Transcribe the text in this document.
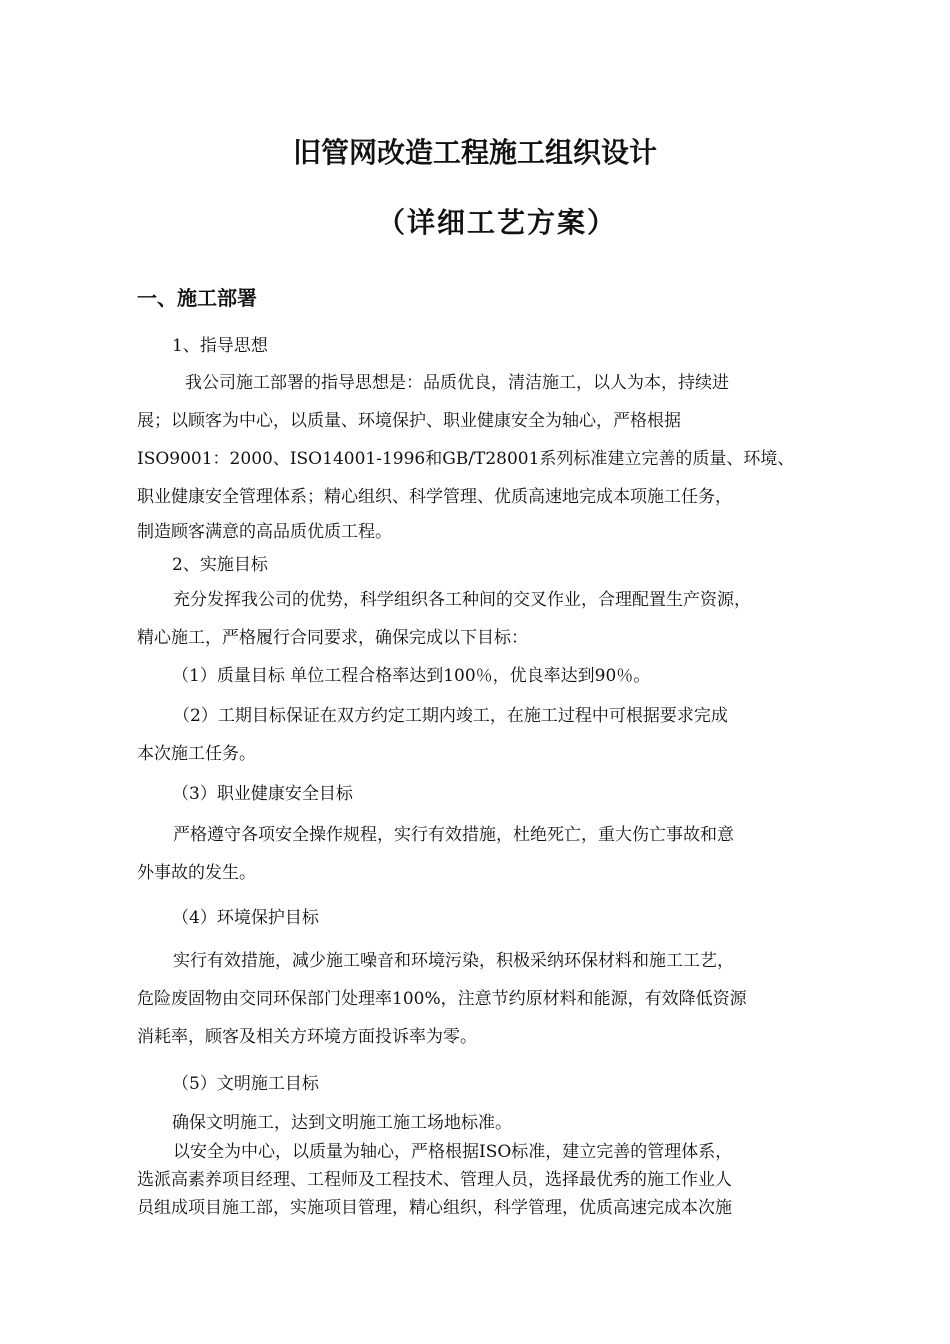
旧管网改造工程施工组织设计
（详细工艺方案）
一、施工部署

1、指导思想

我公司施工部署的指导思想是：品质优良，清洁施工，以人为本，持续进
展；以顾客为中心，以质量、环境保护、职业健康安全为轴心，严格根据
ISO9001：2000、ISO14001-1996和GB/T28001系列标准建立完善的质量、环境、
职业健康安全管理体系；精心组织、科学管理、优质高速地完成本项施工任务，
制造顾客满意的高品质优质工程。

2、实施目标

充分发挥我公司的优势，科学组织各工种间的交叉作业，合理配置生产资源，
精心施工，严格履行合同要求，确保完成以下目标：

（1）质量目标 单位工程合格率达到100％，优良率达到90％。

（2）工期目标保证在双方约定工期内竣工，在施工过程中可根据要求完成
本次施工任务。

（3）职业健康安全目标

严格遵守各项安全操作规程，实行有效措施，杜绝死亡，重大伤亡事故和意
外事故的发生。

（4）环境保护目标

实行有效措施，减少施工噪音和环境污染，积极采纳环保材料和施工工艺，
危险废固物由交同环保部门处理率100%，注意节约原材料和能源，有效降低资源
消耗率，顾客及相关方环境方面投诉率为零。

（5）文明施工目标

确保文明施工，达到文明施工施工场地标准。

以安全为中心，以质量为轴心，严格根据ISO标准，建立完善的管理体系，
选派高素养项目经理、工程师及工程技术、管理人员，选择最优秀的施工作业人
员组成项目施工部，实施项目管理，精心组织，科学管理，优质高速完成本次施
